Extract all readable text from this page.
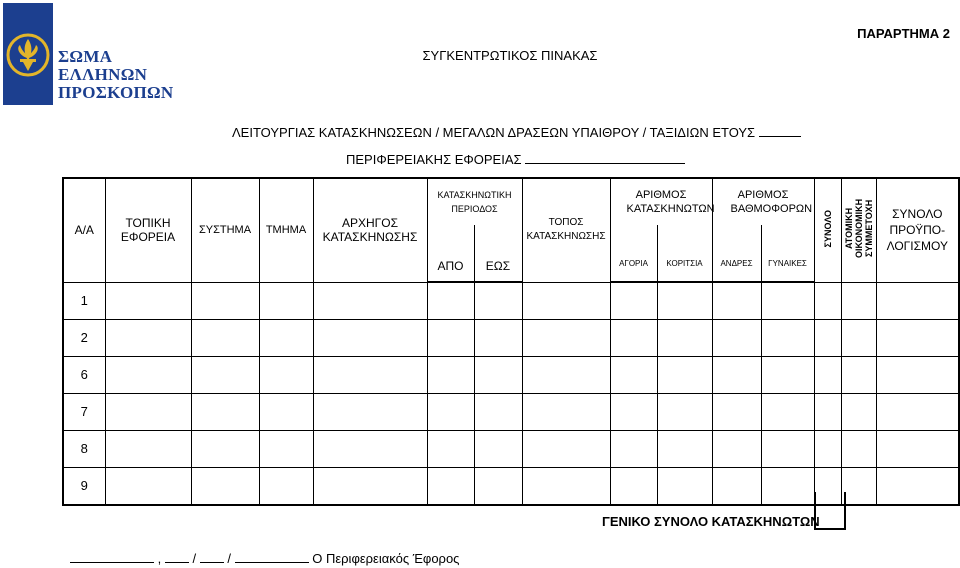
ΣΩΜΑ
ΕΛΛΗΝΩΝ
ΠΡΟΣΚΟΠΩΝ
ΠΑΡΑΡΤΗΜΑ 2
ΣΥΓΚΕΝΤΡΩΤΙΚΟΣ ΠΙΝΑΚΑΣ
ΛΕΙΤΟΥΡΓΙΑΣ ΚΑΤΑΣΚΗΝΩΣΕΩΝ / ΜΕΓΑΛΩΝ ΔΡΑΣΕΩΝ ΥΠΑΙΘΡΟΥ / ΤΑΞΙΔΙΩΝ ΕΤΟΥΣ
ΠΕΡΙΦΕΡΕΙΑΚΗΣ ΕΦΟΡΕΙΑΣ
Α/Α	ΤΟΠΙΚΗ ΕΦΟΡΕΙΑ	ΣΥΣΤΗΜΑ	ΤΜΗΜΑ	ΑΡΧΗΓΟΣ ΚΑΤΑΣΚΗΝΩΣΗΣ	ΚΑΤΑΣΚΗΝΩΤΙΚΗ ΠΕΡΙΟΔΟΣ		ΤΟΠΟΣ ΚΑΤΑΣΚΗΝΩΣΗΣ	ΑΡΙΘΜΟΣ ΚΑΤΑΣΚΗΝΩΤΩΝ		ΑΡΙΘΜΟΣ ΒΑΘΜΟΦΟΡΩΝ		ΣΥΝΟΛΟ	ΑΤΟΜΙΚΗ ΟΙΚΟΝΟΜΙΚΗ ΣΥΜΜΕΤΟΧΗ	ΣΥΝΟΛΟ ΠΡΟΫΠΟ-ΛΟΓΙΣΜΟΥ
					ΑΠΟ	ΕΩΣ		ΑΓΟΡΙΑ	ΚΟΡΙΤΣΙΑ	ΑΝΔΡΕΣ	ΓΥΝΑΙΚΕΣ			
1														
2														
6														
7														
8														
9														
ΓΕΝΙΚΟ ΣΥΝΟΛΟ ΚΑΤΑΣΚΗΝΩΤΩΝ
, / /	Ο Περιφερειακός Έφορος
